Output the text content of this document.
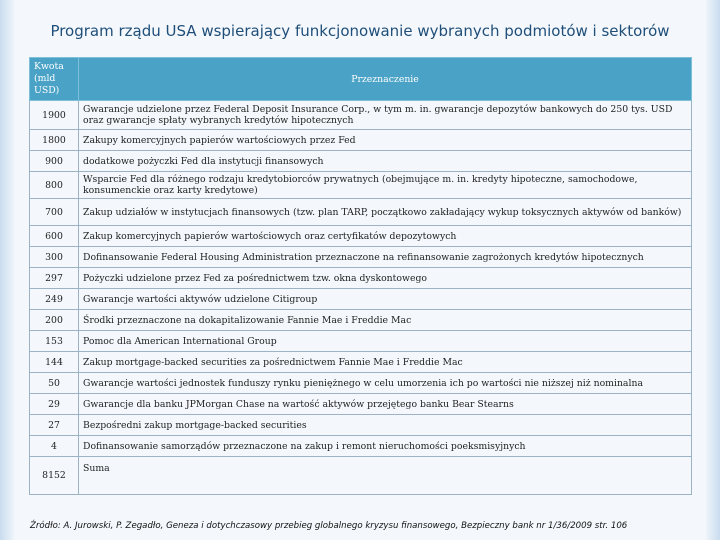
Program rządu USA wspierający funkcjonowanie wybranych podmiotów i sektorów
Kwota (mld USD)	Przeznaczenie
1900	Gwarancje udzielone przez Federal Deposit Insurance Corp., w tym m. in. gwarancje depozytów bankowych do 250 tys. USD oraz gwarancje spłaty wybranych kredytów hipotecznych
1800	Zakupy komercyjnych papierów wartościowych przez Fed
900	dodatkowe pożyczki Fed dla instytucji finansowych
800	Wsparcie Fed dla różnego rodzaju kredytobiorców prywatnych (obejmujące m. in. kredyty hipoteczne, samochodowe, konsumenckie oraz karty kredytowe)
700	Zakup udziałów w instytucjach finansowych (tzw. plan TARP, początkowo zakładający wykup toksycznych aktywów od banków)
600	Zakup komercyjnych papierów wartościowych oraz certyfikatów depozytowych
300	Dofinansowanie Federal Housing Administration przeznaczone na refinansowanie zagrożonych kredytów hipotecznych
297	Pożyczki udzielone przez Fed za pośrednictwem tzw. okna dyskontowego
249	Gwarancje wartości aktywów udzielone Citigroup
200	Środki przeznaczone na dokapitalizowanie Fannie Mae i Freddie Mac
153	Pomoc dla American International Group
144	Zakup mortgage-backed securities za pośrednictwem Fannie Mae i Freddie Mac
50	Gwarancje wartości jednostek funduszy rynku pieniężnego w celu umorzenia ich po wartości nie niższej niż nominalna
29	Gwarancje dla banku JPMorgan Chase na wartość aktywów przejętego banku Bear Stearns
27	Bezpośredni zakup mortgage-backed securities
4	Dofinansowanie samorządów przeznaczone na zakup i remont nieruchomości poeksmisyjnych
8152	Suma
Źródło: A. Jurowski, P. Zegadło, Geneza i dotychczasowy przebieg globalnego kryzysu finansowego, Bezpieczny bank nr 1/36/2009 str. 106
